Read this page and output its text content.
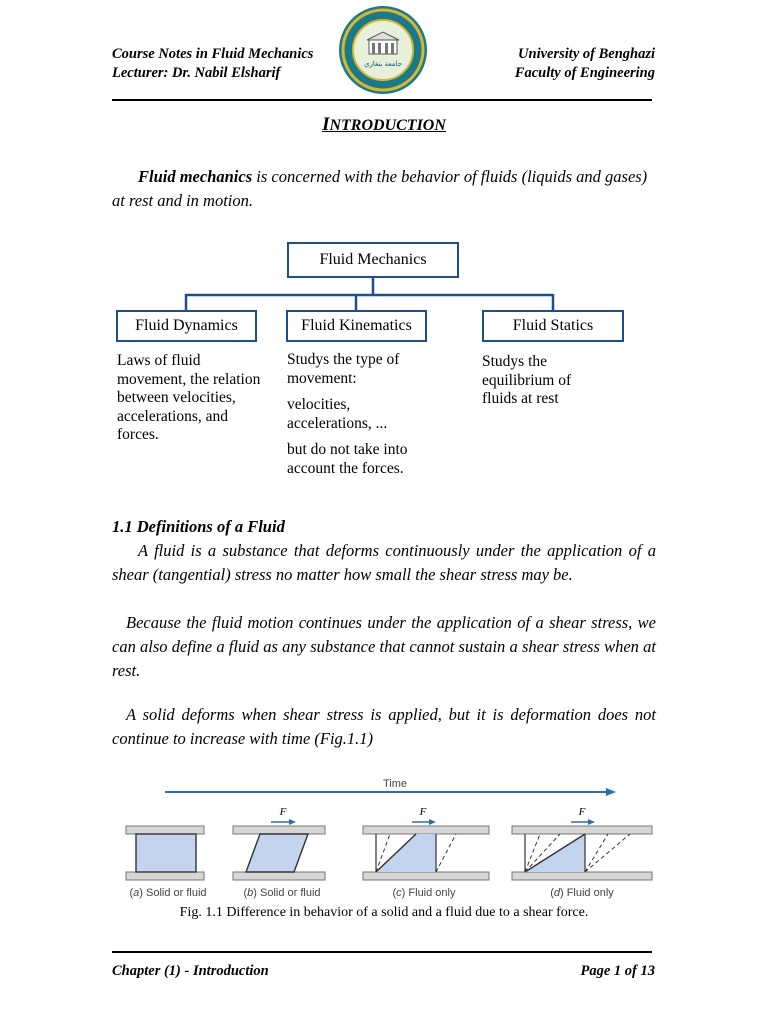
Course Notes in Fluid Mechanics
Lecturer: Dr. Nabil Elsharif
University of Benghazi
Faculty of Engineering
جامعة بنغازي
INTRODUCTION
Fluid mechanics is concerned with the behavior of fluids (liquids and gases) at rest and in motion.
Fluid Mechanics
Fluid Dynamics	Fluid Kinematics	Fluid Statics

Laws of fluid movement, the relation between velocities, accelerations, and forces.

Studys the type of movement:

velocities, accelerations, ...

but do not take into account the forces.

Studys the equilibrium of fluids at rest

1.1 Definitions of a Fluid
A fluid is a substance that deforms continuously under the application of a shear (tangential) stress no matter how small the shear stress may be.
Because the fluid motion continues under the application of a shear stress, we can also define a fluid as any substance that cannot sustain a shear stress when at rest.
A solid deforms when shear stress is applied, but it is deformation does not continue to increase with time (Fig.1.1)
Time
F	F	F
(a) Solid or fluid	(b) Solid or fluid	(c) Fluid only	(d) Fluid only
Fig. 1.1 Difference in behavior of a solid and a fluid due to a shear force.
Chapter (1) - Introduction	Page 1 of 13
